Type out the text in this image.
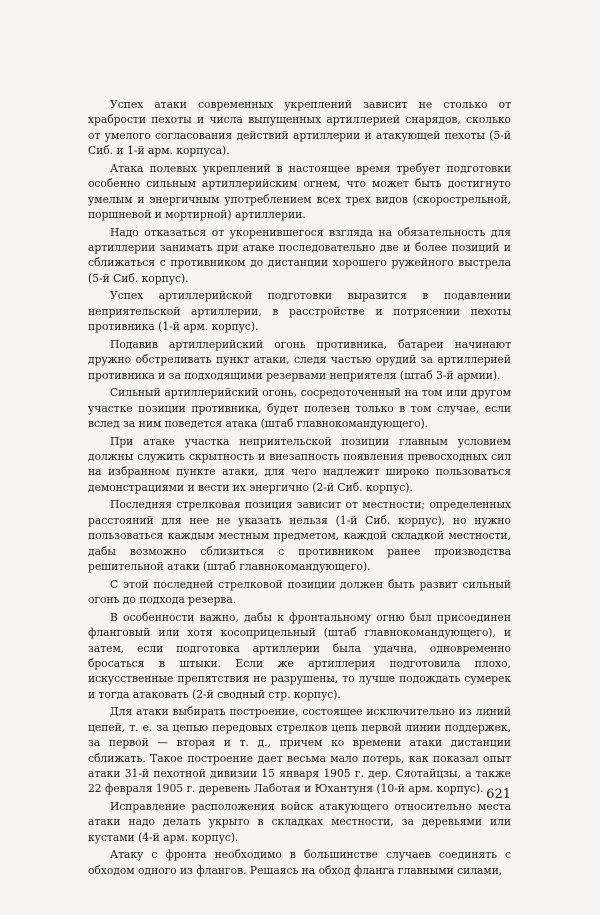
Успех атаки современных укреплений зависит не столько от храбрости пехоты и числа выпущенных артиллерией снарядов, сколько от умелого согласования действий артиллерии и атакующей пехоты (5-й Сиб. и 1-й арм. корпуса).

Атака полевых укреплений в настоящее время требует подготовки особенно сильным артиллерийским огнем, что может быть достигнуто умелым и энергичным употреблением всех трех видов (скорострельной, поршневой и мортирной) артиллерии.

Надо отказаться от укоренившегося взгляда на обязательность для артиллерии занимать при атаке последовательно две и более позиций и сближаться с противником до дистанции хорошего ружейного выстрела (5-й Сиб. корпус).

Успех артиллерийской подготовки выразится в подавлении неприятельской артиллерии, в расстройстве и потрясении пехоты противника (1-й арм. корпус).

Подавив артиллерийский огонь противника, батареи начинают дружно обстреливать пункт атаки, следя частью орудий за артиллерией противника и за подходящими резервами неприятеля (штаб 3-й армии).

Сильный артиллерийский огонь, сосредоточенный на том или другом участке позиции противника, будет полезен только в том случае, если вслед за ним поведется атака (штаб главнокомандующего).

При атаке участка неприятельской позиции главным условием должны служить скрытность и внезапность появления превосходных сил на избранном пункте атаки, для чего надлежит широко пользоваться демонстрациями и вести их энергично (2-й Сиб. корпус).

Последняя стрелковая позиция зависит от местности; определенных расстояний для нее не указать нельзя (1-й Сиб. корпус), но нужно пользоваться каждым местным предметом, каждой складкой местности, дабы возможно сблизиться с противником ранее производства решительной атаки (штаб главнокомандующего).

С этой последней стрелковой позиции должен быть развит сильный огонь до подхода резерва.

В особенности важно, дабы к фронтальному огню был присоединен фланговый или хотя косоприцельный (штаб главнокомандующего), и затем, если подготовка артиллерии была удачна, одновременно бросаться в штыки. Если же артиллерия подготовила плохо, искусственные препятствия не разрушены, то лучше подождать сумерек и тогда атаковать (2-й сводный стр. корпус).

Для атаки выбирать построение, состоящее исключительно из линий цепей, т. е. за цепью передовых стрелков цепь первой линии поддержек, за первой — вторая и т. д., причем ко времени атаки дистанции сближать. Такое построение дает весьма мало потерь, как показал опыт атаки 31-й пехотной дивизии 15 января 1905 г. дер. Сяотайцзы, а также 22 февраля 1905 г. деревень Лаботая и Юхантуня (10-й арм. корпус).

Исправление расположения войск атакующего относительно места атаки надо делать укрыто в складках местности, за деревьями или кустами (4-й арм. корпус).

Атаку с фронта необходимо в большинстве случаев соединять с обходом одного из флангов. Решаясь на обход фланга главными силами,

621
